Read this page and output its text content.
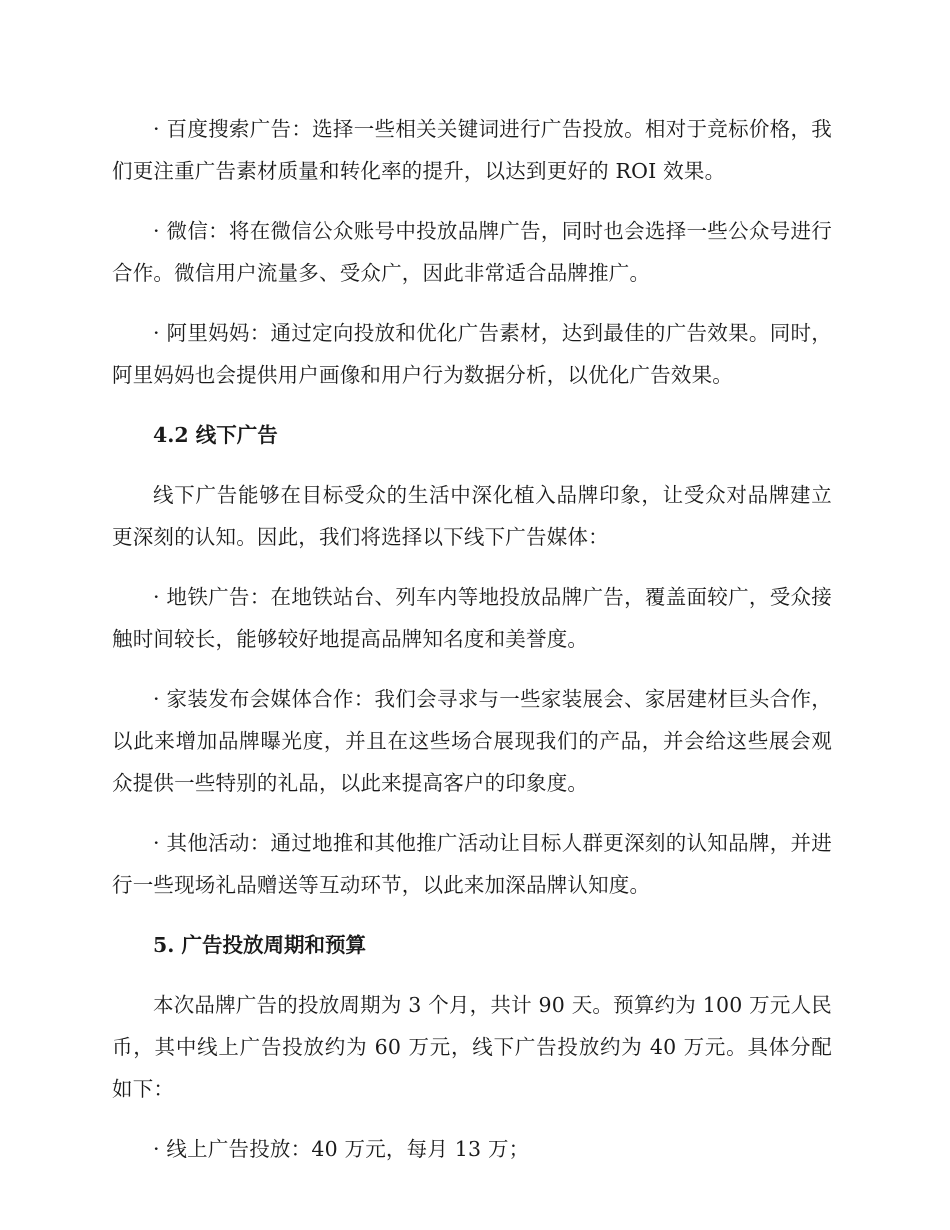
· 百度搜索广告：选择一些相关关键词进行广告投放。相对于竞标价格，我们更注重广告素材质量和转化率的提升，以达到更好的 ROI 效果。

· 微信：将在微信公众账号中投放品牌广告，同时也会选择一些公众号进行合作。微信用户流量多、受众广，因此非常适合品牌推广。

· 阿里妈妈：通过定向投放和优化广告素材，达到最佳的广告效果。同时，阿里妈妈也会提供用户画像和用户行为数据分析，以优化广告效果。

4.2 线下广告

线下广告能够在目标受众的生活中深化植入品牌印象，让受众对品牌建立更深刻的认知。因此，我们将选择以下线下广告媒体：

· 地铁广告：在地铁站台、列车内等地投放品牌广告，覆盖面较广，受众接触时间较长，能够较好地提高品牌知名度和美誉度。

· 家装发布会媒体合作：我们会寻求与一些家装展会、家居建材巨头合作，以此来增加品牌曝光度，并且在这些场合展现我们的产品，并会给这些展会观众提供一些特别的礼品，以此来提高客户的印象度。

· 其他活动：通过地推和其他推广活动让目标人群更深刻的认知品牌，并进行一些现场礼品赠送等互动环节，以此来加深品牌认知度。

5. 广告投放周期和预算

本次品牌广告的投放周期为 3 个月，共计 90 天。预算约为 100 万元人民币，其中线上广告投放约为 60 万元，线下广告投放约为 40 万元。具体分配如下：

· 线上广告投放：40 万元，每月 13 万；
